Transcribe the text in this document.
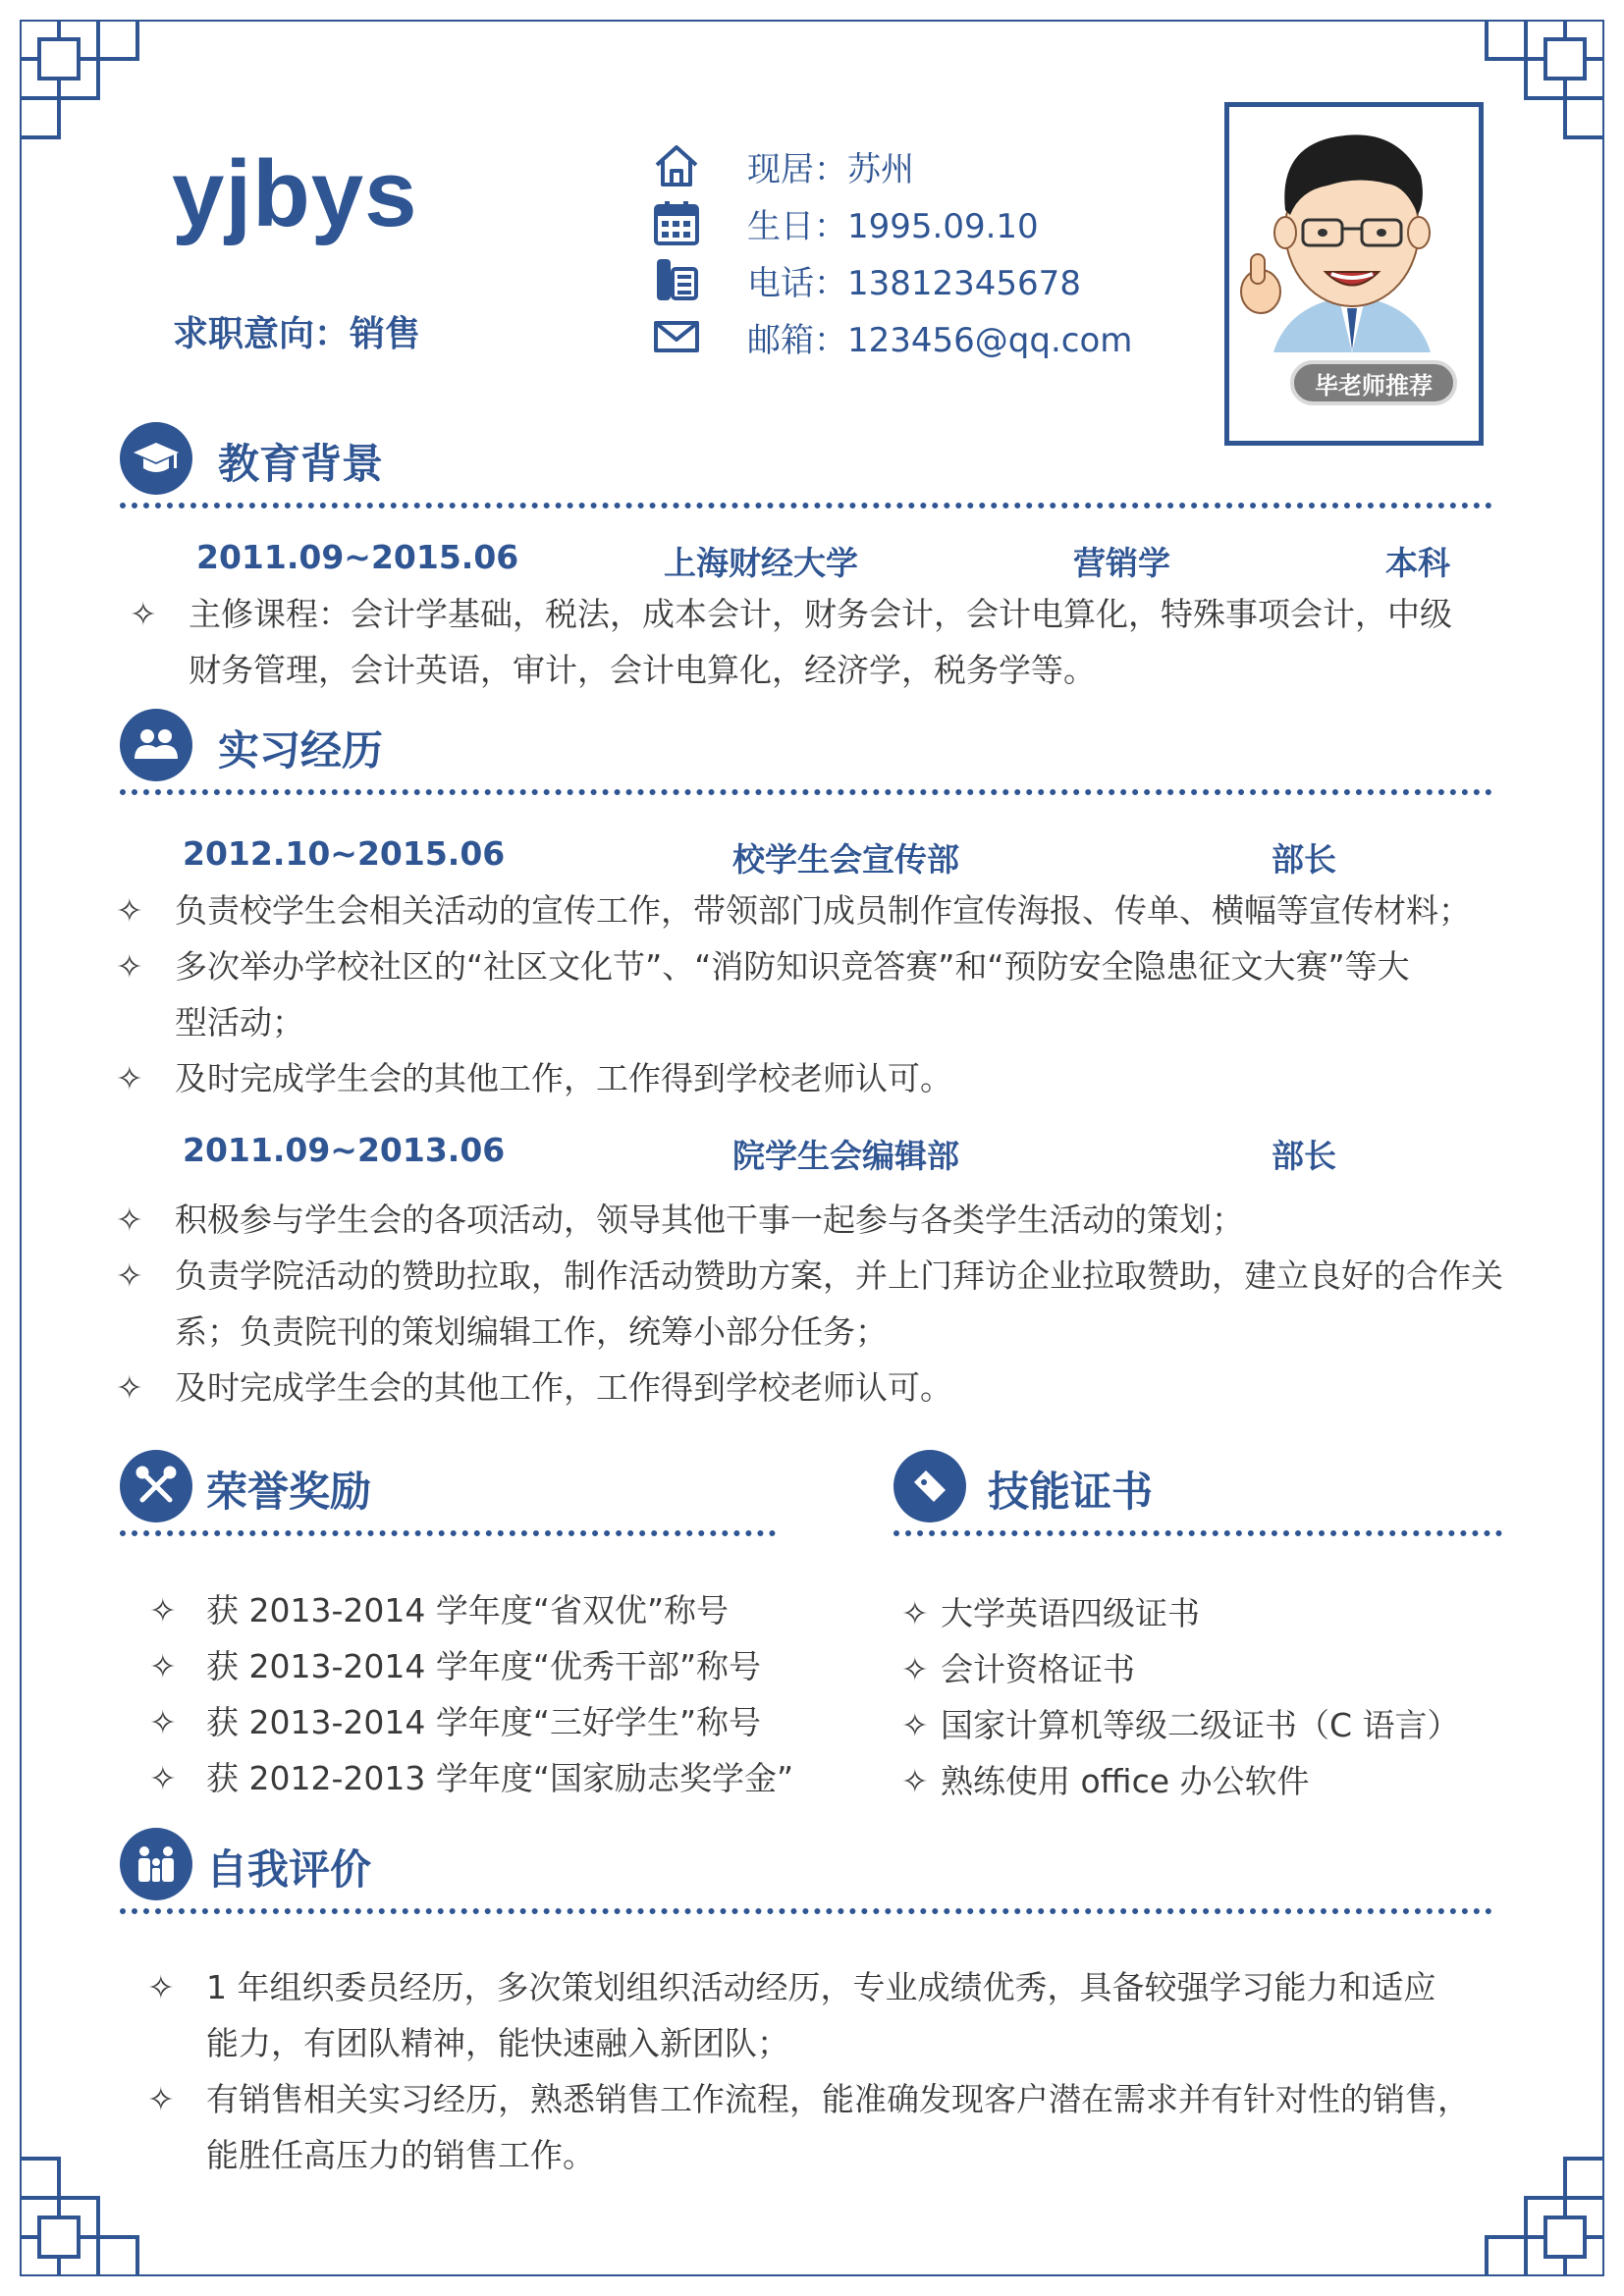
yjbys
求职意向：销售
现居：苏州
生日：1995.09.10
电话：13812345678
邮箱：123456@qq.com
毕老师推荐
教育背景
2011.09~2015.06	上海财经大学	营销学	本科
✧ 主修课程：会计学基础，税法，成本会计，财务会计，会计电算化，特殊事项会计，中级
财务管理，会计英语，审计，会计电算化，经济学，税务学等。
实习经历
2012.10~2015.06	校学生会宣传部	部长
✧ 负责校学生会相关活动的宣传工作，带领部门成员制作宣传海报、传单、横幅等宣传材料；
✧ 多次举办学校社区的“社区文化节”、“消防知识竞答赛”和“预防安全隐患征文大赛”等大
型活动；
✧ 及时完成学生会的其他工作，工作得到学校老师认可。
2011.09~2013.06	院学生会编辑部	部长
✧ 积极参与学生会的各项活动，领导其他干事一起参与各类学生活动的策划；
✧ 负责学院活动的赞助拉取，制作活动赞助方案，并上门拜访企业拉取赞助，建立良好的合作关
系；负责院刊的策划编辑工作，统筹小部分任务；
✧ 及时完成学生会的其他工作，工作得到学校老师认可。
荣誉奖励
✧ 获 2013-2014 学年度“省双优”称号
✧ 获 2013-2014 学年度“优秀干部”称号
✧ 获 2013-2014 学年度“三好学生”称号
✧ 获 2012-2013 学年度“国家励志奖学金”
技能证书
✧ 大学英语四级证书
✧ 会计资格证书
✧ 国家计算机等级二级证书（C 语言）
✧ 熟练使用 office 办公软件
自我评价
✧ 1 年组织委员经历，多次策划组织活动经历，专业成绩优秀，具备较强学习能力和适应
能力，有团队精神，能快速融入新团队；
✧ 有销售相关实习经历，熟悉销售工作流程，能准确发现客户潜在需求并有针对性的销售，
能胜任高压力的销售工作。
